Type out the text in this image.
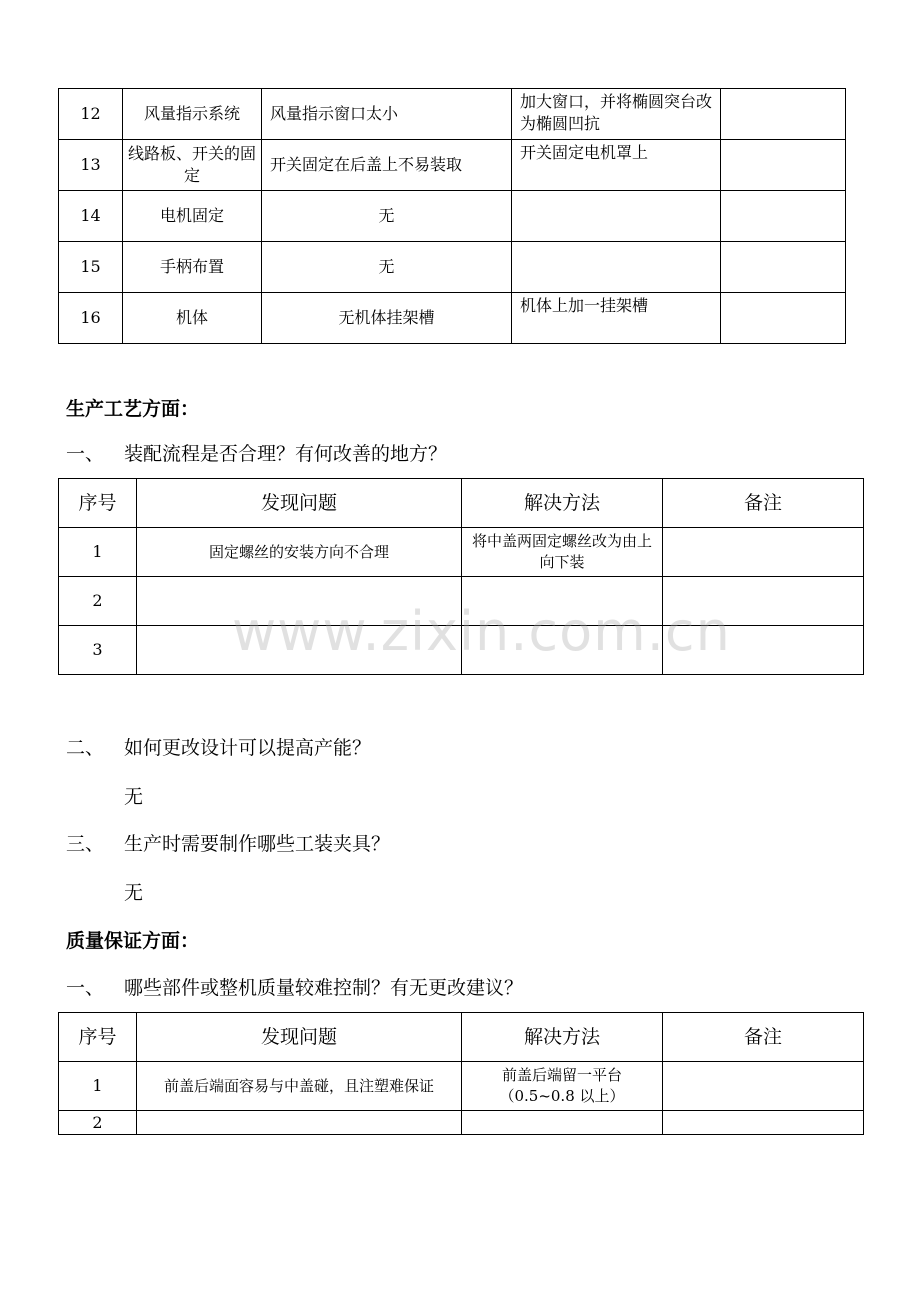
12	风量指示系统	风量指示窗口太小	加大窗口，并将椭圆突台改为椭圆凹抗	
13	线路板、开关的固定	开关固定在后盖上不易装取	开关固定电机罩上	
14	电机固定	无		
15	手柄布置	无		
16	机体	无机体挂架槽	机体上加一挂架槽	
生产工艺方面：
一、 装配流程是否合理？有何改善的地方？
序号	发现问题	解决方法	备注
1	固定螺丝的安装方向不合理	将中盖两固定螺丝改为由上向下装	
2			
3			www.zixin.com.cn
二、 如何更改设计可以提高产能？
无
三、 生产时需要制作哪些工装夹具？
无
质量保证方面：
一、 哪些部件或整机质量较难控制？有无更改建议？
序号	发现问题	解决方法	备注
1	前盖后端面容易与中盖碰，且注塑难保证	前盖后端留一平台（0.5~0.8 以上）	
2			
